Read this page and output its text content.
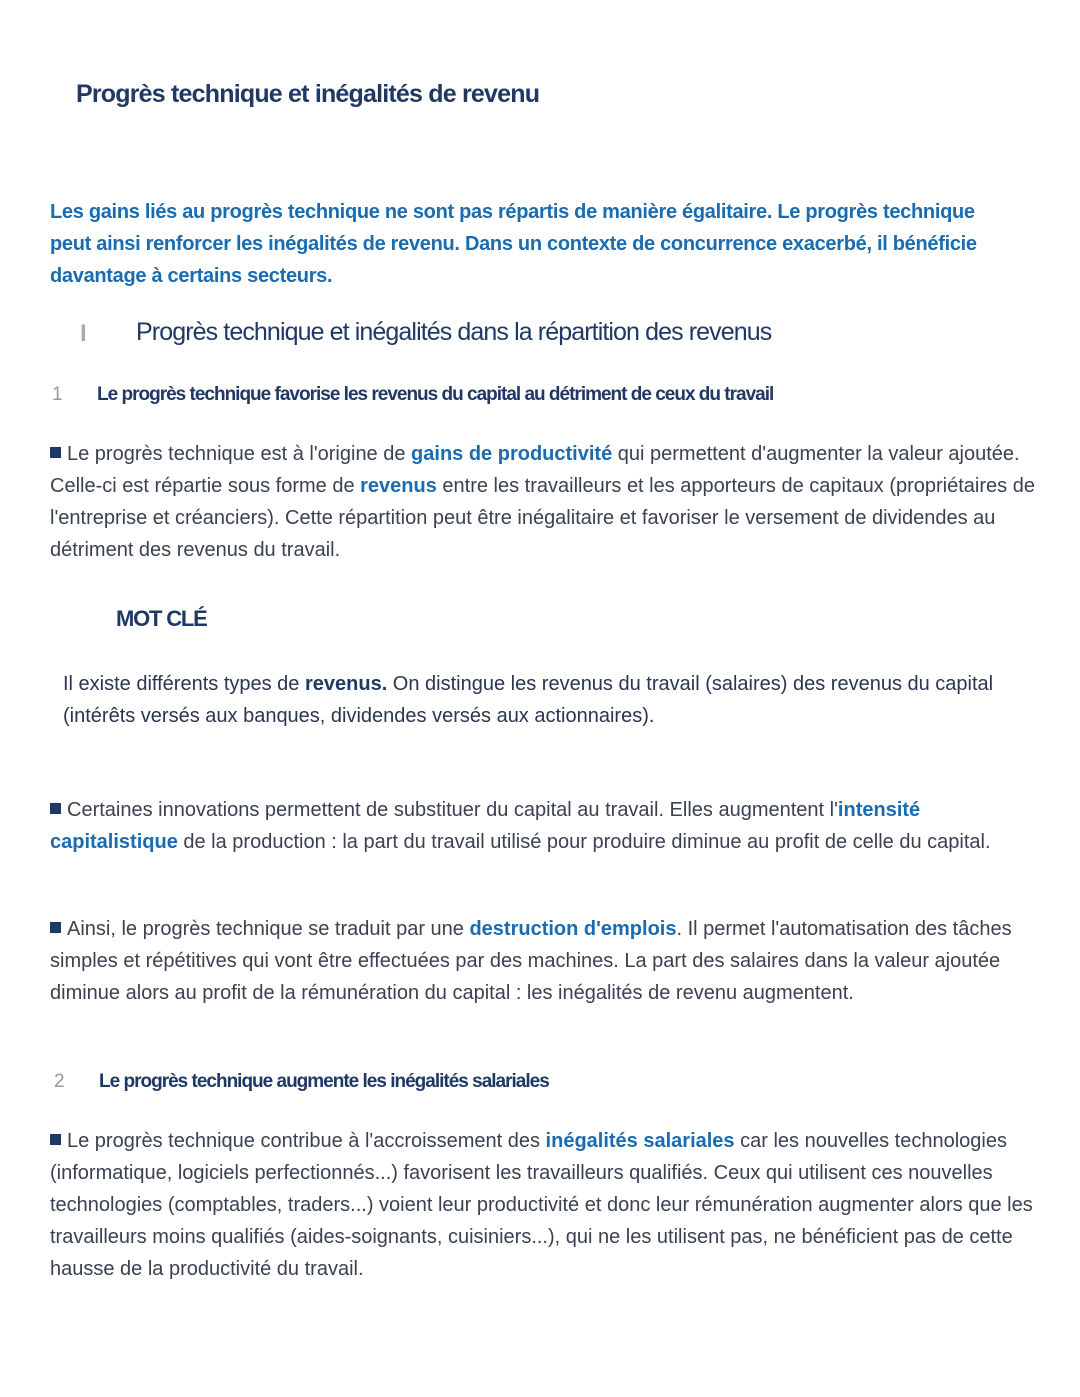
Progrès technique et inégalités de revenu
Les gains liés au progrès technique ne sont pas répartis de manière égalitaire. Le progrès technique peut ainsi renforcer les inégalités de revenu. Dans un contexte de concurrence exacerbé, il bénéficie davantage à certains secteurs.
I Progrès technique et inégalités dans la répartition des revenus
1 Le progrès technique favorise les revenus du capital au détriment de ceux du travail
Le progrès technique est à l'origine de gains de productivité qui permettent d'augmenter la valeur ajoutée. Celle-ci est répartie sous forme de revenus entre les travailleurs et les apporteurs de capitaux (propriétaires de l'entreprise et créanciers). Cette répartition peut être inégalitaire et favoriser le versement de dividendes au détriment des revenus du travail.
MOT CLÉ
Il existe différents types de revenus. On distingue les revenus du travail (salaires) des revenus du capital (intérêts versés aux banques, dividendes versés aux actionnaires).
Certaines innovations permettent de substituer du capital au travail. Elles augmentent l'intensité capitalistique de la production : la part du travail utilisé pour produire diminue au profit de celle du capital.
Ainsi, le progrès technique se traduit par une destruction d'emplois. Il permet l'automatisation des tâches simples et répétitives qui vont être effectuées par des machines. La part des salaires dans la valeur ajoutée diminue alors au profit de la rémunération du capital : les inégalités de revenu augmentent.
2 Le progrès technique augmente les inégalités salariales
Le progrès technique contribue à l'accroissement des inégalités salariales car les nouvelles technologies (informatique, logiciels perfectionnés...) favorisent les travailleurs qualifiés. Ceux qui utilisent ces nouvelles technologies (comptables, traders...) voient leur productivité et donc leur rémunération augmenter alors que les travailleurs moins qualifiés (aides-soignants, cuisiniers...), qui ne les utilisent pas, ne bénéficient pas de cette hausse de la productivité du travail.
